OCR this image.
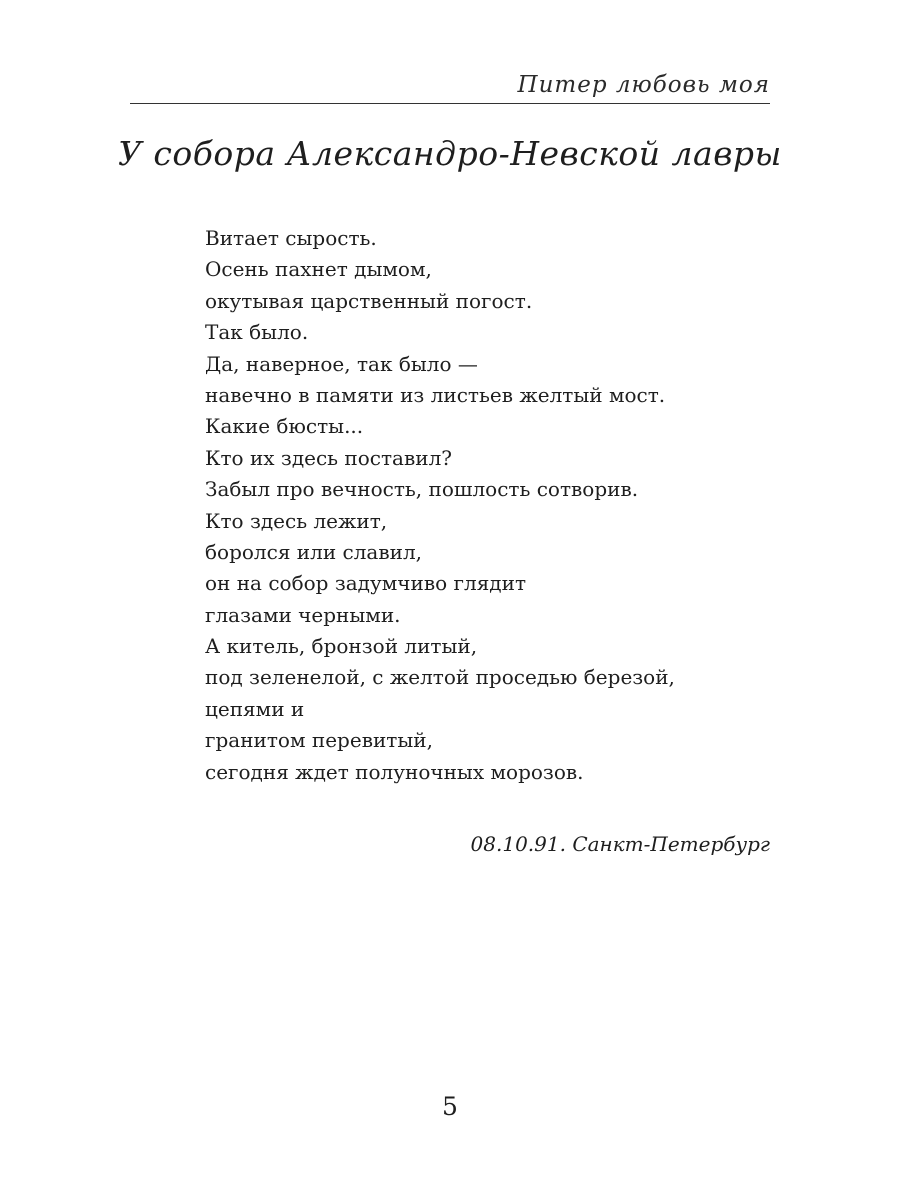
Питер любовь моя
У собора Александро-Невской лавры
Витает сырость.
Осень пахнет дымом,
окутывая царственный погост.
Так было.
Да, наверное, так было —
навечно в памяти из листьев желтый мост.
Какие бюсты...
Кто их здесь поставил?
Забыл про вечность, пошлость сотворив.
Кто здесь лежит,
боролся или славил,
он на собор задумчиво глядит
глазами черными.
А китель, бронзой литый,
под зеленелой, с желтой проседью березой,
цепями и
гранитом перевитый,
сегодня ждет полуночных морозов.
08.10.91. Санкт-Петербург
5
